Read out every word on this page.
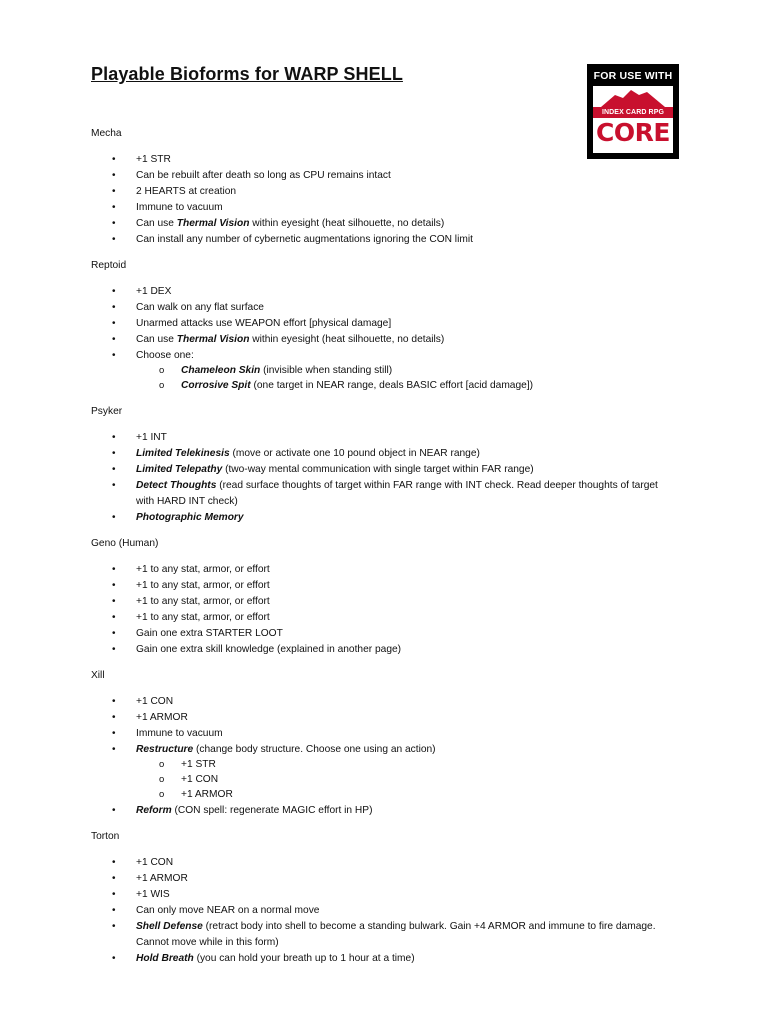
Playable Bioforms for WARP SHELL	FOR USE WITH
INDEX CARD RPG
CORE
Mecha
• +1 STR
• Can be rebuilt after death so long as CPU remains intact
• 2 HEARTS at creation
• Immune to vacuum
• Can use Thermal Vision within eyesight (heat silhouette, no details)
• Can install any number of cybernetic augmentations ignoring the CON limit
Reptoid
• +1 DEX
• Can walk on any flat surface
• Unarmed attacks use WEAPON effort [physical damage]
• Can use Thermal Vision within eyesight (heat silhouette, no details)
• Choose one:
o Chameleon Skin (invisible when standing still)
o Corrosive Spit (one target in NEAR range, deals BASIC effort [acid damage])
Psyker
• +1 INT
• Limited Telekinesis (move or activate one 10 pound object in NEAR range)
• Limited Telepathy (two-way mental communication with single target within FAR range)
• Detect Thoughts (read surface thoughts of target within FAR range with INT check. Read deeper thoughts of target with HARD INT check)
• Photographic Memory
Geno (Human)
• +1 to any stat, armor, or effort
• +1 to any stat, armor, or effort
• +1 to any stat, armor, or effort
• +1 to any stat, armor, or effort
• Gain one extra STARTER LOOT
• Gain one extra skill knowledge (explained in another page)
Xill
• +1 CON
• +1 ARMOR
• Immune to vacuum
• Restructure (change body structure. Choose one using an action)
o +1 STR
o +1 CON
o +1 ARMOR
• Reform (CON spell: regenerate MAGIC effort in HP)
Torton
• +1 CON
• +1 ARMOR
• +1 WIS
• Can only move NEAR on a normal move
• Shell Defense (retract body into shell to become a standing bulwark. Gain +4 ARMOR and immune to fire damage. Cannot move while in this form)
• Hold Breath (you can hold your breath up to 1 hour at a time)
